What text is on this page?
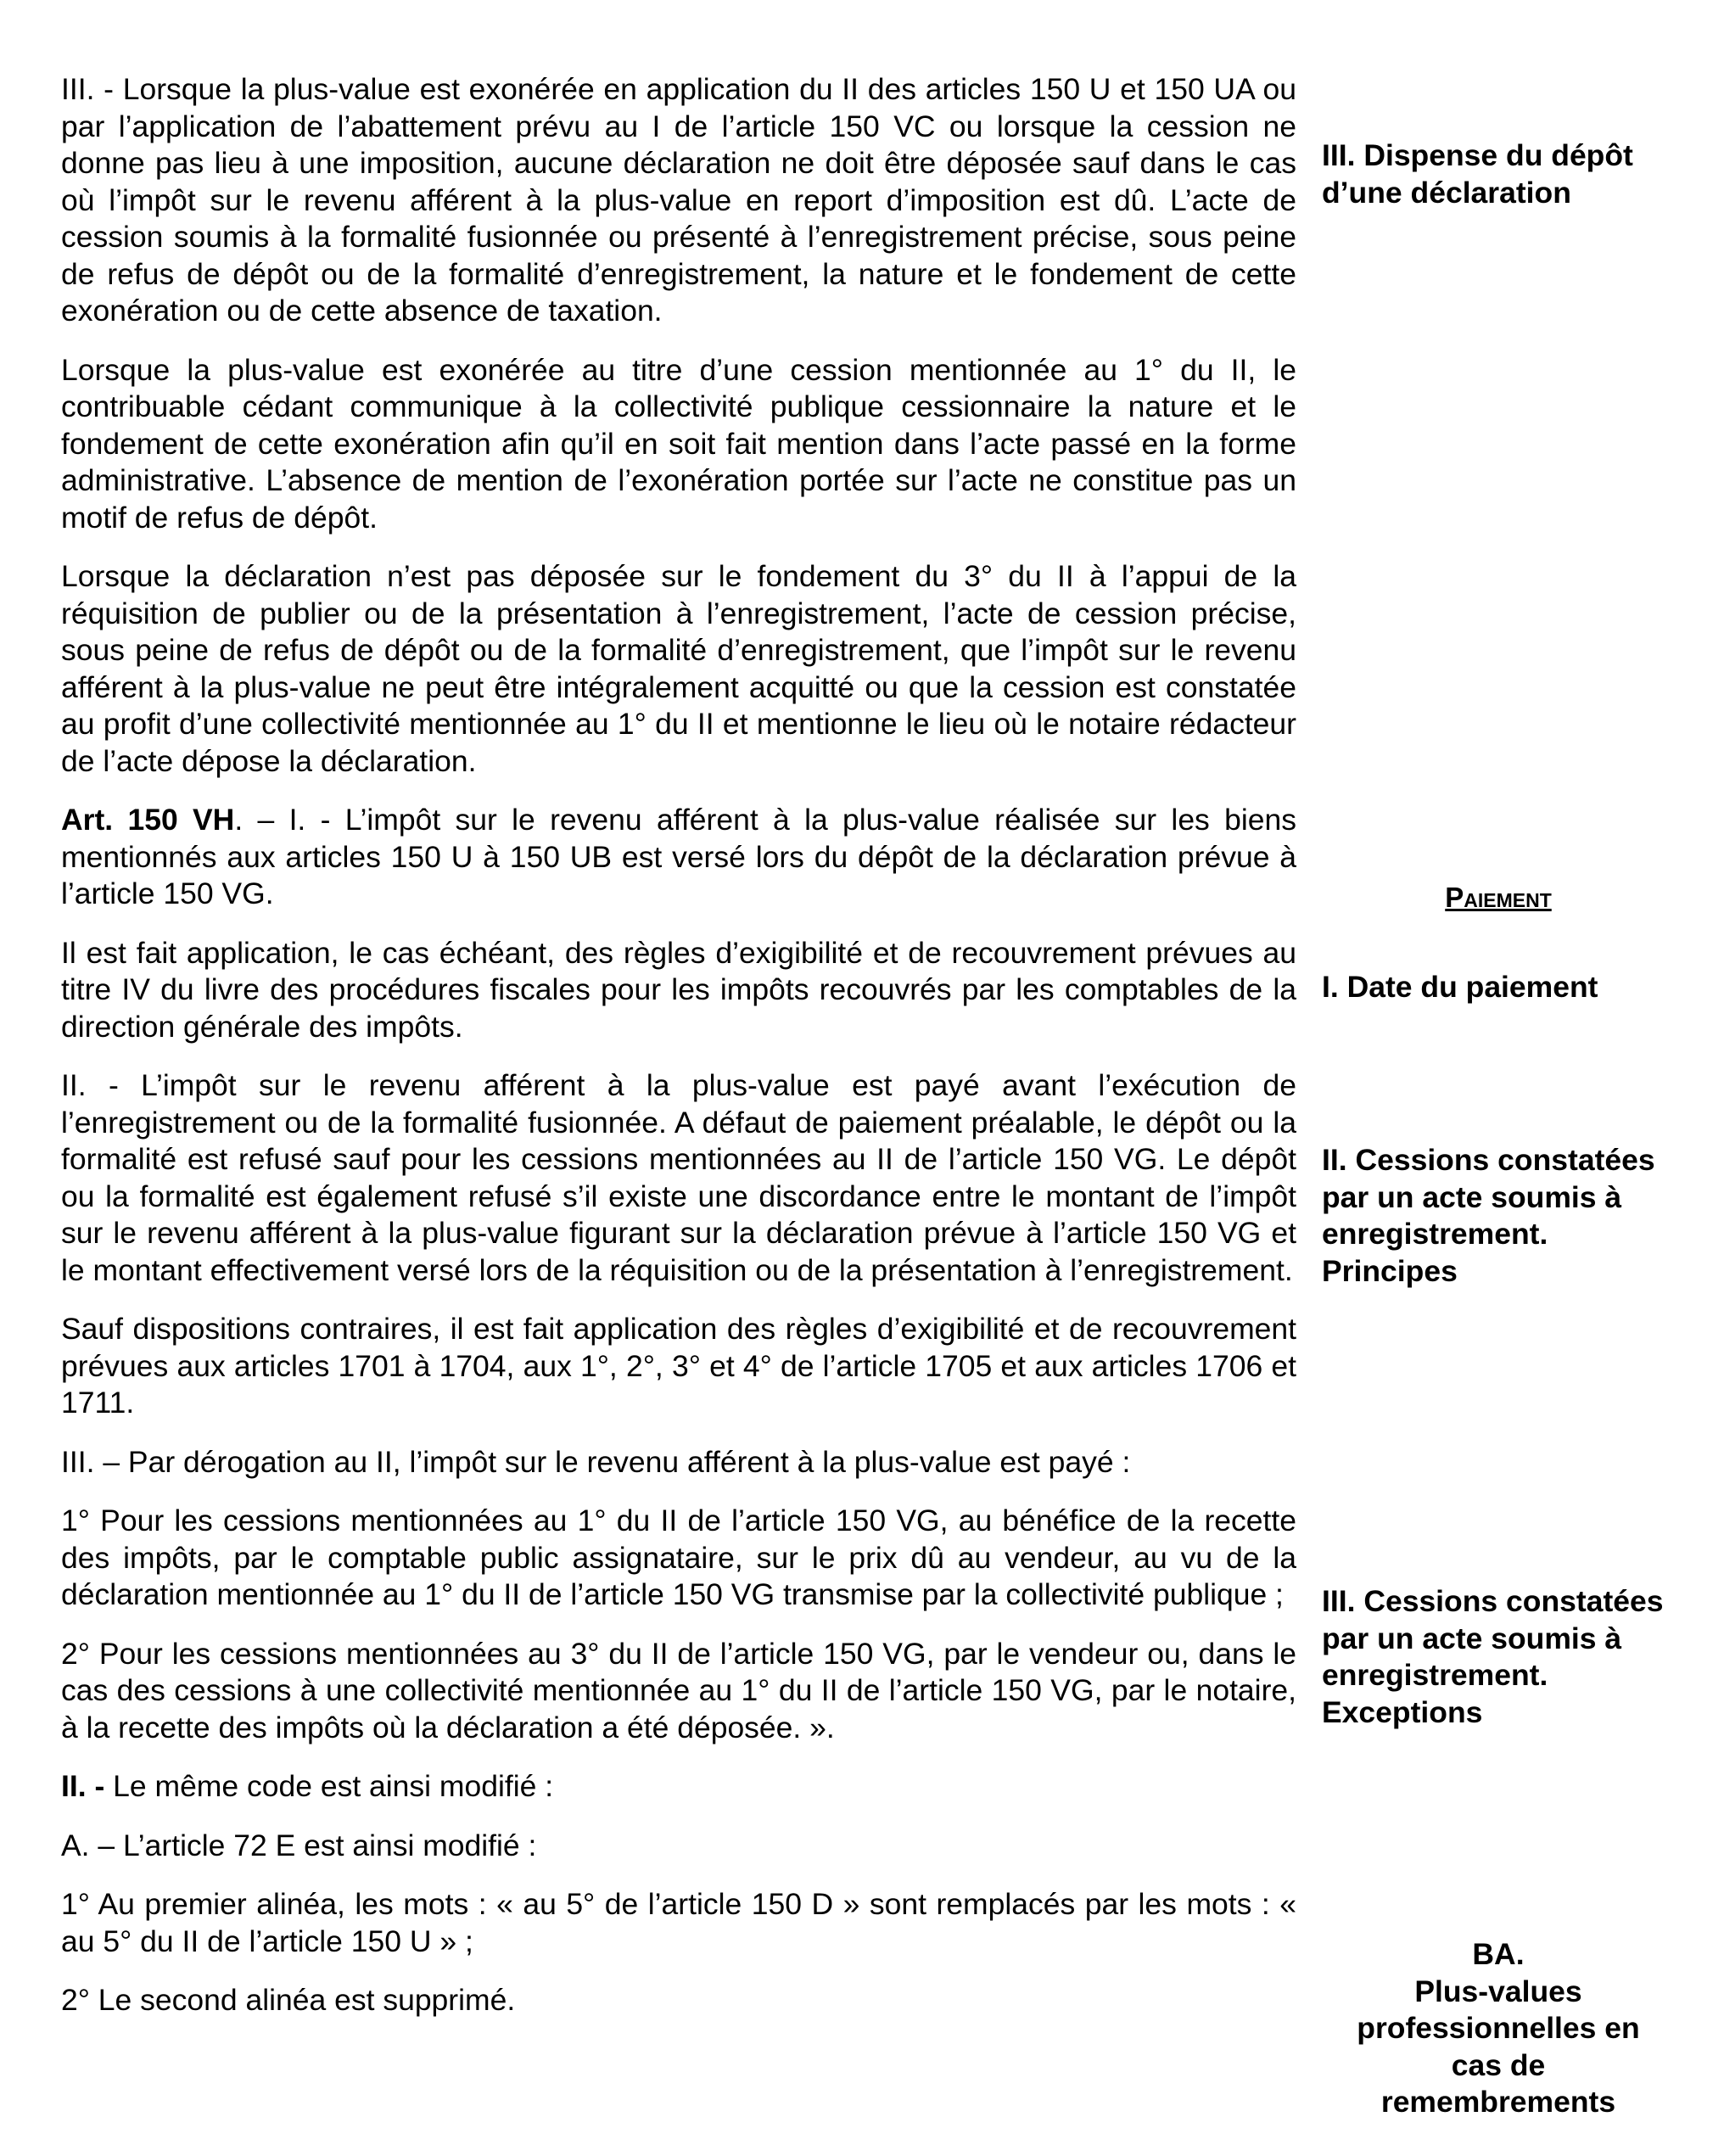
III. - Lorsque la plus-value est exonérée en application du II des articles 150 U et 150 UA ou par l’application de l’abattement prévu au I de l’article 150 VC ou lorsque la cession ne donne pas lieu à une imposition, aucune déclaration ne doit être déposée sauf dans le cas où l’impôt sur le revenu afférent à la plus-value en report d’imposition est dû. L’acte de cession soumis à la formalité fusionnée ou présenté à l’enregistrement précise, sous peine de refus de dépôt ou de la formalité d’enregistrement, la nature et le fondement de cette exonération ou de cette absence de taxation.

Lorsque la plus-value est exonérée au titre d’une cession mentionnée au 1° du II, le contribuable cédant communique à la collectivité publique cessionnaire la nature et le fondement de cette exonération afin qu’il en soit fait mention dans l’acte passé en la forme administrative. L’absence de mention de l’exonération portée sur l’acte ne constitue pas un motif de refus de dépôt.

Lorsque la déclaration n’est pas déposée sur le fondement du 3° du II à l’appui de la réquisition de publier ou de la présentation à l’enregistrement, l’acte de cession précise, sous peine de refus de dépôt ou de la formalité d’enregistrement, que l’impôt sur le revenu afférent à la plus-value ne peut être intégralement acquitté ou que la cession est constatée au profit d’une collectivité mentionnée au 1° du II et mentionne le lieu où le notaire rédacteur de l’acte dépose la déclaration.

Art. 150 VH. – I. - L’impôt sur le revenu afférent à la plus-value réalisée sur les biens mentionnés aux articles 150 U à 150 UB est versé lors du dépôt de la déclaration prévue à l’article 150 VG.

Il est fait application, le cas échéant, des règles d’exigibilité et de recouvrement prévues au titre IV du livre des procédures fiscales pour les impôts recouvrés par les comptables de la direction générale des impôts.

II. - L’impôt sur le revenu afférent à la plus-value est payé avant l’exécution de l’enregistrement ou de la formalité fusionnée. A défaut de paiement préalable, le dépôt ou la formalité est refusé sauf pour les cessions mentionnées au II de l’article 150 VG. Le dépôt ou la formalité est également refusé s’il existe une discordance entre le montant de l’impôt sur le revenu afférent à la plus-value figurant sur la déclaration prévue à l’article 150 VG et le montant effectivement versé lors de la réquisition ou de la présentation à l’enregistrement.

Sauf dispositions contraires, il est fait application des règles d’exigibilité et de recouvrement prévues aux articles 1701 à 1704, aux 1°, 2°, 3° et 4° de l’article 1705 et aux articles 1706 et 1711.

III. – Par dérogation au II, l’impôt sur le revenu afférent à la plus-value est payé :

1° Pour les cessions mentionnées au 1° du II de l’article 150 VG, au bénéfice de la recette des impôts, par le comptable public assignataire, sur le prix dû au vendeur, au vu de la déclaration mentionnée au 1° du II de l’article 150 VG transmise par la collectivité publique ;

2° Pour les cessions mentionnées au 3° du II de l’article 150 VG, par le vendeur ou, dans le cas des cessions à une collectivité mentionnée au 1° du II de l’article 150 VG, par le notaire, à la recette des impôts où la déclaration a été déposée. ».

II. - Le même code est ainsi modifié :

A. – L’article 72 E est ainsi modifié :

1° Au premier alinéa, les mots : « au 5° de l’article 150 D » sont remplacés par les mots : « au 5° du II de l’article 150 U » ;

2° Le second alinéa est supprimé.

III. Dispense du dépôt d’une déclaration
Paiement
I. Date du paiement
II. Cessions constatées par un acte soumis à enregistrement. Principes
III. Cessions constatées par un acte soumis à enregistrement. Exceptions
BA.
Plus-values professionnelles en cas de remembrements
